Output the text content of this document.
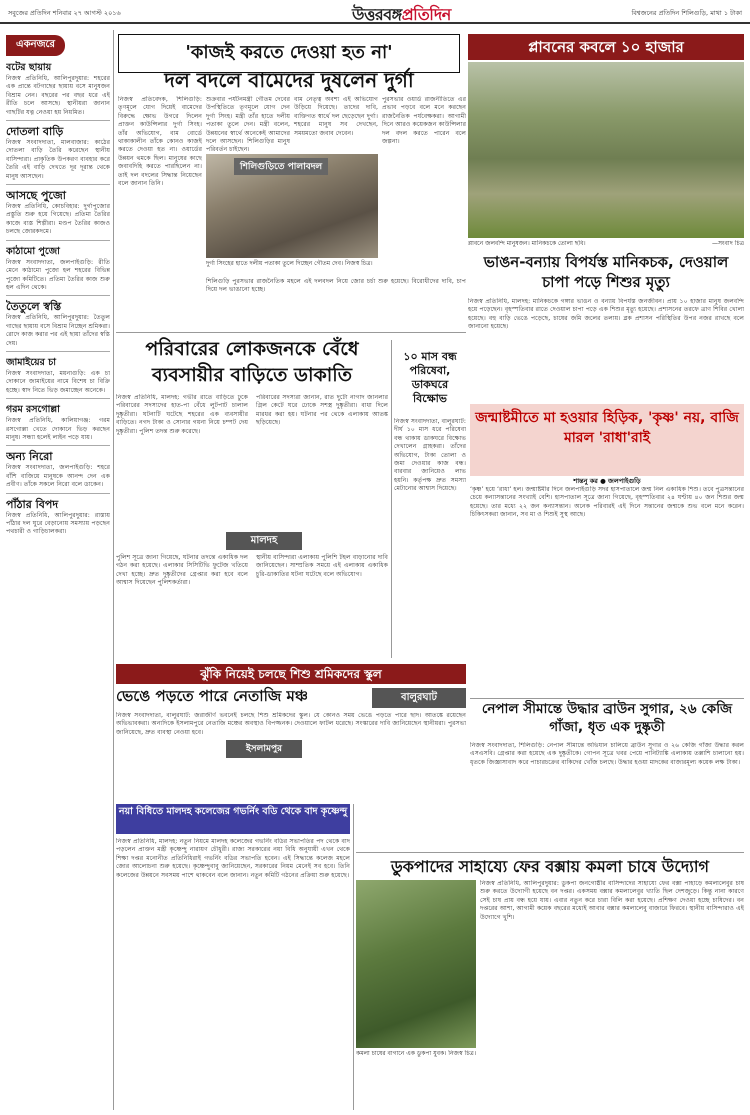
সবুজের প্রতিদিন শনিবার ২৭ আগস্ট ২০১৬	উত্তরবঙ্গপ্রতিদিন	বিশ্বজনের প্রতিদিন শিলিগুড়ি, মাথা ১ টাকা
একনজরে
বটের ছায়ায়
নিজস্ব প্রতিনিধি, আলিপুরদুয়ার: শহরের এক প্রান্তে বটগাছের ছায়ায় বসে মানুষজন বিশ্রাম নেন। বছরের পর বছর ধরে এই রীতি চলে আসছে। স্থানীয়রা জানান গাছটির যত্ন নেওয়া হয় নিয়মিত।
দোতলা বাড়ি
নিজস্ব সংবাদদাতা, মালবাজার: কাঠের দোতলা বাড়ি তৈরি করেছেন স্থানীয় বাসিন্দারা। প্রাকৃতিক উপকরণ ব্যবহার করে তৈরি এই বাড়ি দেখতে দূর দূরান্ত থেকে মানুষ আসছেন।
আসছে পুজো
নিজস্ব প্রতিনিধি, কোচবিহার: দুর্গাপুজোর প্রস্তুতি শুরু হয়ে গিয়েছে। প্রতিমা তৈরির কাজে ব্যস্ত শিল্পীরা। মণ্ডপ তৈরির কাজও চলছে জোরকদমে।
কাঠামো পুজো
নিজস্ব সংবাদদাতা, জলপাইগুড়ি: রীতি মেনে কাঠামো পুজো হল শহরের বিভিন্ন পুজো কমিটিতে। প্রতিমা তৈরির কাজ শুরু হল এদিন থেকে।
তৈতুলে স্বস্তি
নিজস্ব প্রতিনিধি, আলিপুরদুয়ার: তৈতুল গাছের ছায়ায় বসে বিশ্রাম নিচ্ছেন শ্রমিকরা। রোদে কাজ করার পর এই ছায়া তাঁদের স্বস্তি দেয়।
জামাইয়ের চা
নিজস্ব সংবাদদাতা, ময়নাগুড়ি: এক চা দোকানে জামাইয়ের নামে বিশেষ চা বিক্রি হচ্ছে। স্বাদ নিতে ভিড় জমাচ্ছেন অনেকে।
গরম রসগোল্লা
নিজস্ব প্রতিনিধি, কালিয়াগঞ্জ: গরম রসগোল্লা খেতে দোকানে ভিড় করছেন মানুষ। সন্ধ্যা হলেই লাইন পড়ে যায়।
অন্য নিরো
নিজস্ব সংবাদদাতা, জলপাইগুড়ি: শহরে বাঁশি বাজিয়ে মানুষকে আনন্দ দেন এক প্রবীণ। তাঁকে সকলে নিরো বলে ডাকেন।
পাঁঠার বিপদ
নিজস্ব প্রতিনিধি, আলিপুরদুয়ার: রাস্তায় পাঁঠার দল ঘুরে বেড়ানোয় সমস্যায় পড়ছেন পথচারী ও গাড়িচালকরা।
'কাজই করতে দেওয়া হত না'
দল বদলে বামেদের দুষলেন দুর্গা
নিজস্ব প্রতিবেদক, শিলিগুড়ি: তৃণমূলে যোগ দিয়েই বামেদের বিরুদ্ধে ক্ষোভ উগরে দিলেন প্রাক্তন কাউন্সিলার দুর্গা সিংহ। তাঁর অভিযোগ, বাম বোর্ডে থাকাকালীন তাঁকে কোনও কাজই করতে দেওয়া হত না। ওয়ার্ডের উন্নয়ন থমকে ছিল। মানুষের কাছে জবাবদিহি করতে পারছিলেন না। তাই দল বদলের সিদ্ধান্ত নিয়েছেন বলে জানান তিনি।
শুক্রবার পর্যটনমন্ত্রী গৌতম দেবের উপস্থিতিতে তৃণমূলে যোগ দেন দুর্গা সিংহ। মন্ত্রী তাঁর হাতে দলীয় পতাকা তুলে দেন। মন্ত্রী বলেন, উন্নয়নের স্বার্থে অনেকেই আমাদের দলে আসছেন। শিলিগুড়ির মানুষ পরিবর্তন চাইছেন।
বাম নেতৃত্ব অবশ্য এই অভিযোগ উড়িয়ে দিয়েছে। তাদের দাবি, ব্যক্তিগত স্বার্থে দল ছেড়েছেন দুর্গা। শহরের মানুষ সব দেখছেন, সময়মতো জবাব দেবেন।
পুরসভার ওয়ার্ড রাজনীতিতে এর প্রভাব পড়বে বলে মনে করছেন রাজনৈতিক পর্যবেক্ষকরা। আগামী দিনে আরও কয়েকজন কাউন্সিলার দল বদল করতে পারেন বলে জল্পনা।
শিলিগুড়িতে পালাবদল
দুর্গা সিংহের হাতে দলীয় পতাকা তুলে দিচ্ছেন গৌতম দেব। নিজস্ব চিত্র।
শিলিগুড়ি পুরসভার রাজনৈতিক মহলে এই দলবদল নিয়ে জোর চর্চা শুরু হয়েছে। বিরোধীদের দাবি, চাপ দিয়ে দল ভাঙানো হচ্ছে।
প্লাবনের কবলে ১০ হাজার
প্লাবনে জলবন্দি মানুষজন। মানিকচকে তোলা ছবি।	—সংবাদ চিত্র
ভাঙন-বন্যায় বিপর্যস্ত মানিকচক, দেওয়াল চাপা পড়ে শিশুর মৃত্যু
নিজস্ব প্রতিনিধি, মালদহ: মানিকচকে গঙ্গার ভাঙন ও বন্যায় বিপর্যস্ত জনজীবন। প্রায় ১০ হাজার মানুষ জলবন্দি হয়ে পড়েছেন। বৃহস্পতিবার রাতে দেওয়াল চাপা পড়ে এক শিশুর মৃত্যু হয়েছে। প্রশাসনের তরফে ত্রাণ শিবির খোলা হয়েছে। বহু বাড়ি ভেঙে পড়েছে, চাষের জমি জলের তলায়। ব্লক প্রশাসন পরিস্থিতির উপর নজর রাখছে বলে জানানো হয়েছে।
পরিবারের লোকজনকে বেঁধে ব্যবসায়ীর বাড়িতে ডাকাতি
নিজস্ব প্রতিনিধি, মালদহ: গভীর রাতে বাড়িতে ঢুকে পরিবারের সদস্যদের হাত-পা বেঁধে লুটপাট চালাল দুষ্কৃতীরা। ঘটনাটি ঘটেছে শহরের এক ব্যবসায়ীর বাড়িতে। নগদ টাকা ও সোনার গয়না নিয়ে চম্পট দেয় দুষ্কৃতীরা। পুলিশ তদন্ত শুরু করেছে।
পরিবারের সদস্যরা জানান, রাত দুটো নাগাদ জানলার গ্রিল কেটে ঘরে ঢোকে সশস্ত্র দুষ্কৃতীরা। বাধা দিলে মারধর করা হয়। ঘটনার পর থেকে এলাকায় আতঙ্ক ছড়িয়েছে।
পুলিশ সূত্রে জানা গিয়েছে, ঘটনার তদন্তে একাধিক দল গঠন করা হয়েছে। এলাকার সিসিটিভি ফুটেজ খতিয়ে দেখা হচ্ছে। দ্রুত দুষ্কৃতীদের গ্রেপ্তার করা হবে বলে আশ্বাস দিয়েছেন পুলিশকর্তারা।
স্থানীয় বাসিন্দারা এলাকায় পুলিশি টহল বাড়ানোর দাবি জানিয়েছেন। সাম্প্রতিক সময়ে এই এলাকায় একাধিক চুরি-ডাকাতির ঘটনা ঘটেছে বলে অভিযোগ।
মালদহ
১০ মাস বন্ধ পরিষেবা, ডাকঘরে বিক্ষোভ
নিজস্ব সংবাদদাতা, বালুরঘাট: দীর্ঘ ১০ মাস ধরে পরিষেবা বন্ধ থাকায় ডাকঘরে বিক্ষোভ দেখালেন গ্রাহকরা। তাঁদের অভিযোগ, টাকা তোলা ও জমা দেওয়ার কাজ বন্ধ। বারবার জানিয়েও লাভ হয়নি। কর্তৃপক্ষ দ্রুত সমস্যা মেটানোর আশ্বাস দিয়েছে।
জন্মাষ্টমীতে মা হওয়ার হিড়িক, 'কৃষ্ণ' নয়, বাজি মারল 'রাধা'রাই
শান্তনু কর ● জলপাইগুড়ি
‘কৃষ্ণ’ হয়ে ‘রাধা’ হল। জন্মাষ্টমীর দিনে জলপাইগুড়ি সদর হাসপাতালে জন্ম নিল একাধিক শিশু। তবে পুত্রসন্তানের চেয়ে কন্যাসন্তানের সংখ্যাই বেশি। হাসপাতাল সূত্রে জানা গিয়েছে, বৃহস্পতিবার ২৪ ঘণ্টায় ৪০ জন শিশুর জন্ম হয়েছে। তার মধ্যে ২২ জন কন্যাসন্তান। অনেক পরিবারই এই দিনে সন্তানের জন্মকে শুভ বলে মনে করেন। চিকিৎসকরা জানান, সব মা ও শিশুই সুস্থ আছে।
ঝুঁকি নিয়েই চলছে শিশু শ্রমিকদের স্কুল
ভেঙে পড়তে পারে নেতাজি মঞ্চ	বালুরঘাট
নিজস্ব সংবাদদাতা, বালুরঘাট: জরাজীর্ণ ভবনেই চলছে শিশু শ্রমিকদের স্কুল। যে কোনও সময় ভেঙে পড়তে পারে ছাদ। আতঙ্কে রয়েছেন অভিভাবকরা। অন্যদিকে ইসলামপুরে নেতাজি মঞ্চের অবস্থাও বিপজ্জনক। দেওয়ালে ফাটল ধরেছে। সংস্কারের দাবি জানিয়েছেন স্থানীয়রা। পুরসভা জানিয়েছে, দ্রুত ব্যবস্থা নেওয়া হবে।
ইসলামপুর
নেপাল সীমান্তে উদ্ধার ব্রাউন সুগার, ২৬ কেজি গাঁজা, ধৃত এক দুষ্কৃতী
নিজস্ব সংবাদদাতা, শিলিগুড়ি: নেপাল সীমান্তে অভিযান চালিয়ে ব্রাউন সুগার ও ২৬ কেজি গাঁজা উদ্ধার করল এসএসবি। গ্রেপ্তার করা হয়েছে এক দুষ্কৃতীকে। গোপন সূত্রে খবর পেয়ে পানিট্যাঙ্কি এলাকায় তল্লাশি চালানো হয়। ধৃতকে জিজ্ঞাসাবাদ করে পাচারচক্রের বাকিদের খোঁজ চলছে। উদ্ধার হওয়া মাদকের বাজারমূল্য কয়েক লক্ষ টাকা।
নয়া বিধিতে মালদহ কলেজের গভর্নিং বডি থেকে বাদ কৃষ্ণেন্দু
নিজস্ব প্রতিনিধি, মালদহ: নতুন নিয়মে মালদহ কলেজের গভর্নিং বডির সভাপতির পদ থেকে বাদ পড়লেন প্রাক্তন মন্ত্রী কৃষ্ণেন্দু নারায়ণ চৌধুরী। রাজ্য সরকারের নয়া বিধি অনুযায়ী এখন থেকে শিক্ষা দপ্তর মনোনীত প্রতিনিধিরাই গভর্নিং বডির সভাপতি হবেন। এই সিদ্ধান্তে কলেজ মহলে জোর আলোচনা শুরু হয়েছে। কৃষ্ণেন্দুবাবু জানিয়েছেন, সরকারের নিয়ম মেনেই সব হবে। তিনি কলেজের উন্নয়নে সবসময় পাশে থাকবেন বলে জানান। নতুন কমিটি গঠনের প্রক্রিয়া শুরু হয়েছে।	ডুকপাদের সাহায্যে ফের বক্সায় কমলা চাষে উদ্যোগ
কমলা চাষের বাগানে এক ডুকপা যুবক। নিজস্ব চিত্র।
নিজস্ব প্রতিনিধি, আলিপুরদুয়ার: ডুকপা জনগোষ্ঠীর বাসিন্দাদের সাহায্যে ফের বক্সা পাহাড়ে কমলালেবুর চাষ শুরু করতে উদ্যোগী হয়েছে বন দপ্তর। একসময় বক্সার কমলালেবুর খ্যাতি ছিল দেশজুড়ে। কিন্তু নানা কারণে সেই চাষ প্রায় বন্ধ হয়ে যায়। এবার নতুন করে চারা বিলি করা হয়েছে। প্রশিক্ষণ দেওয়া হচ্ছে চাষিদের। বন দপ্তরের আশা, আগামী কয়েক বছরের মধ্যেই আবার বক্সার কমলালেবু বাজারে ফিরবে। স্থানীয় বাসিন্দারাও এই উদ্যোগে খুশি।
